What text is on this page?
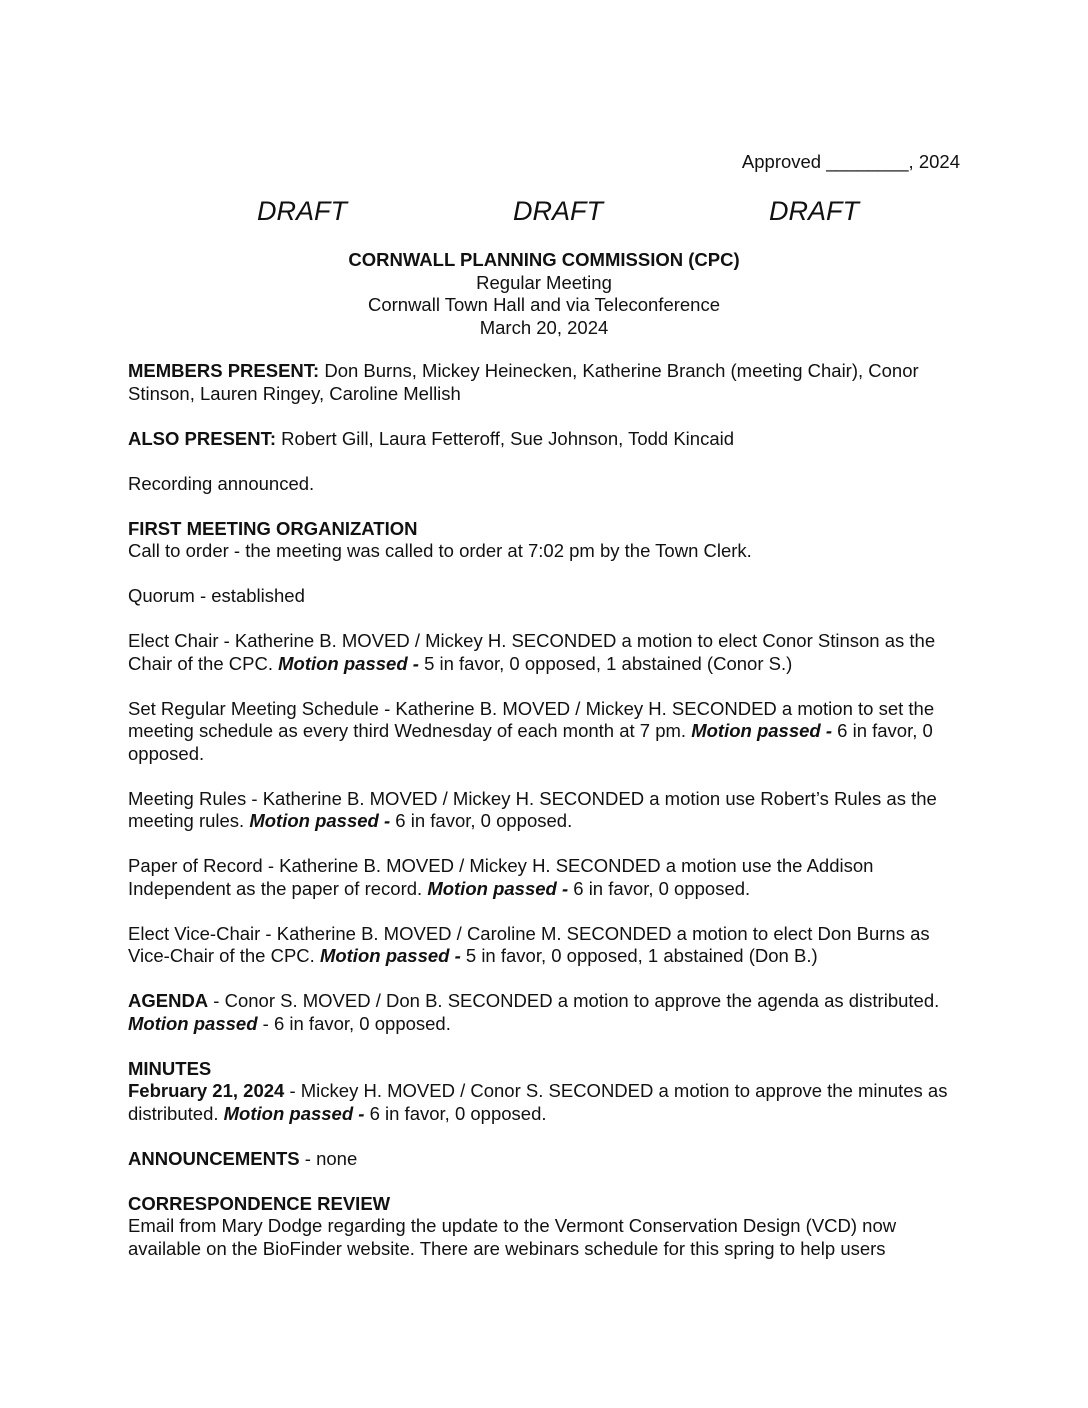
Approved ________, 2024
DRAFT	DRAFT	DRAFT
CORNWALL PLANNING COMMISSION (CPC)
Regular Meeting
Cornwall Town Hall and via Teleconference
March 20, 2024

MEMBERS PRESENT: Don Burns, Mickey Heinecken, Katherine Branch (meeting Chair), Conor Stinson, Lauren Ringey, Caroline Mellish

ALSO PRESENT: Robert Gill, Laura Fetteroff, Sue Johnson, Todd Kincaid

Recording announced.

FIRST MEETING ORGANIZATION

Call to order - the meeting was called to order at 7:02 pm by the Town Clerk.

Quorum - established

Elect Chair - Katherine B. MOVED / Mickey H. SECONDED a motion to elect Conor Stinson as the Chair of the CPC. Motion passed - 5 in favor, 0 opposed, 1 abstained (Conor S.)

Set Regular Meeting Schedule - Katherine B. MOVED / Mickey H. SECONDED a motion to set the meeting schedule as every third Wednesday of each month at 7 pm. Motion passed - 6 in favor, 0 opposed.

Meeting Rules - Katherine B. MOVED / Mickey H. SECONDED a motion use Robert’s Rules as the meeting rules. Motion passed - 6 in favor, 0 opposed.

Paper of Record - Katherine B. MOVED / Mickey H. SECONDED a motion use the Addison Independent as the paper of record. Motion passed - 6 in favor, 0 opposed.

Elect Vice-Chair - Katherine B. MOVED / Caroline M. SECONDED a motion to elect Don Burns as Vice-Chair of the CPC. Motion passed - 5 in favor, 0 opposed, 1 abstained (Don B.)

AGENDA - Conor S. MOVED / Don B. SECONDED a motion to approve the agenda as distributed. Motion passed - 6 in favor, 0 opposed.

MINUTES

February 21, 2024 - Mickey H. MOVED / Conor S. SECONDED a motion to approve the minutes as distributed. Motion passed - 6 in favor, 0 opposed.

ANNOUNCEMENTS - none

CORRESPONDENCE REVIEW

Email from Mary Dodge regarding the update to the Vermont Conservation Design (VCD) now available on the BioFinder website. There are webinars schedule for this spring to help users
